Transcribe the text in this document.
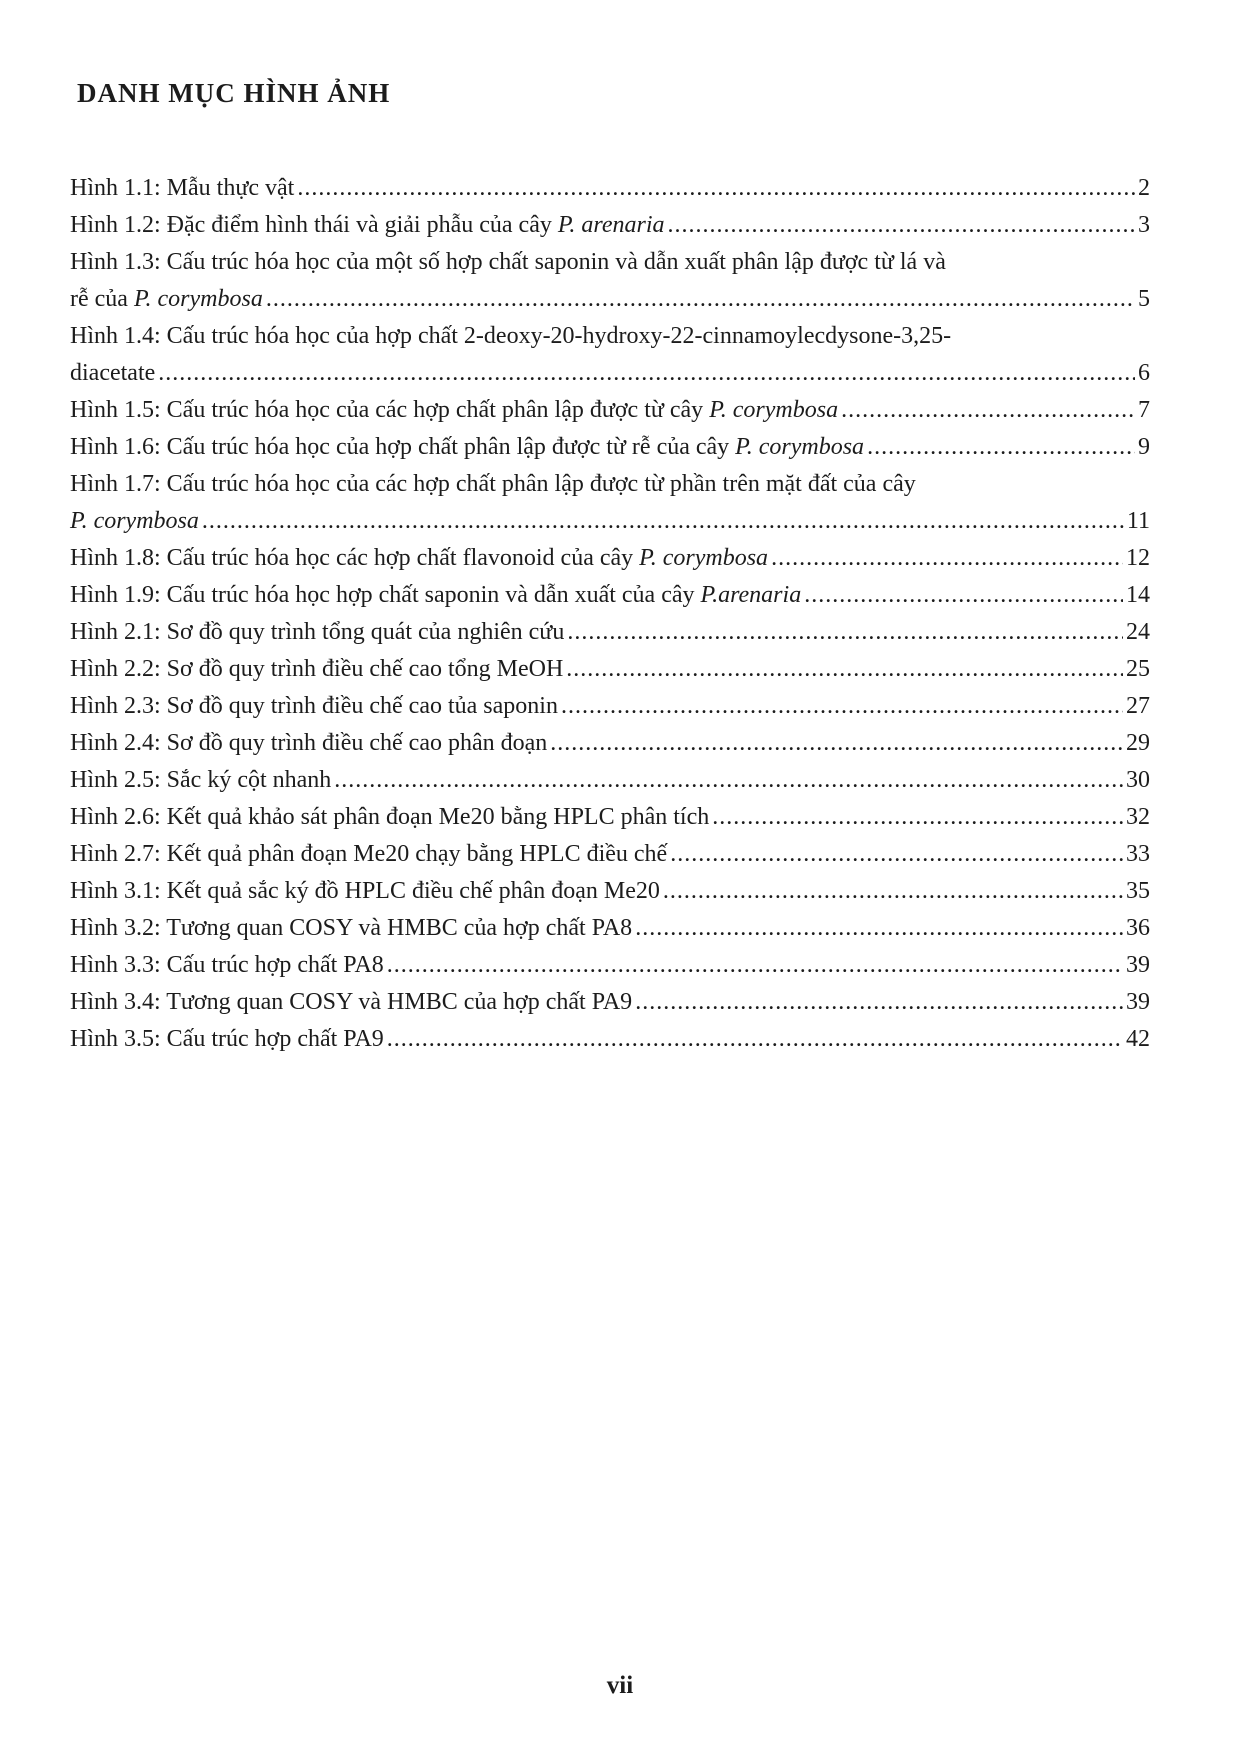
DANH MỤC HÌNH ẢNH
Hình 1.1: Mẫu thực vật .....	2
Hình 1.2: Đặc điểm hình thái và giải phẫu của cây P. arenaria .....	3
Hình 1.3: Cấu trúc hóa học của một số hợp chất saponin và dẫn xuất phân lập được từ lá và
rễ của P. corymbosa .....	5
Hình 1.4: Cấu trúc hóa học của hợp chất 2-deoxy-20-hydroxy-22-cinnamoylecdysone-3,25-
diacetate .....	6
Hình 1.5: Cấu trúc hóa học của các hợp chất phân lập được từ cây P. corymbosa .....	7
Hình 1.6: Cấu trúc hóa học của hợp chất phân lập được từ rễ của cây P. corymbosa .....	9
Hình 1.7: Cấu trúc hóa học của các hợp chất phân lập được từ phần trên mặt đất của cây
P. corymbosa .....	11
Hình 1.8: Cấu trúc hóa học các hợp chất flavonoid của cây P. corymbosa .....	12
Hình 1.9: Cấu trúc hóa học hợp chất saponin và dẫn xuất của cây P.arenaria .....	14
Hình 2.1: Sơ đồ quy trình tổng quát của nghiên cứu .....	24
Hình 2.2: Sơ đồ quy trình điều chế cao tổng MeOH .....	25
Hình 2.3: Sơ đồ quy trình điều chế cao tủa saponin .....	27
Hình 2.4: Sơ đồ quy trình điều chế cao phân đoạn .....	29
Hình 2.5: Sắc ký cột nhanh .....	30
Hình 2.6: Kết quả khảo sát phân đoạn Me20 bằng HPLC phân tích .....	32
Hình 2.7: Kết quả phân đoạn Me20 chạy bằng HPLC điều chế .....	33
Hình 3.1: Kết quả sắc ký đồ HPLC điều chế phân đoạn Me20 .....	35
Hình 3.2: Tương quan COSY và HMBC của hợp chất PA8 .....	36
Hình 3.3: Cấu trúc hợp chất PA8 .....	39
Hình 3.4: Tương quan COSY và HMBC của hợp chất PA9 .....	39
Hình 3.5: Cấu trúc hợp chất PA9 .....	42
vii
